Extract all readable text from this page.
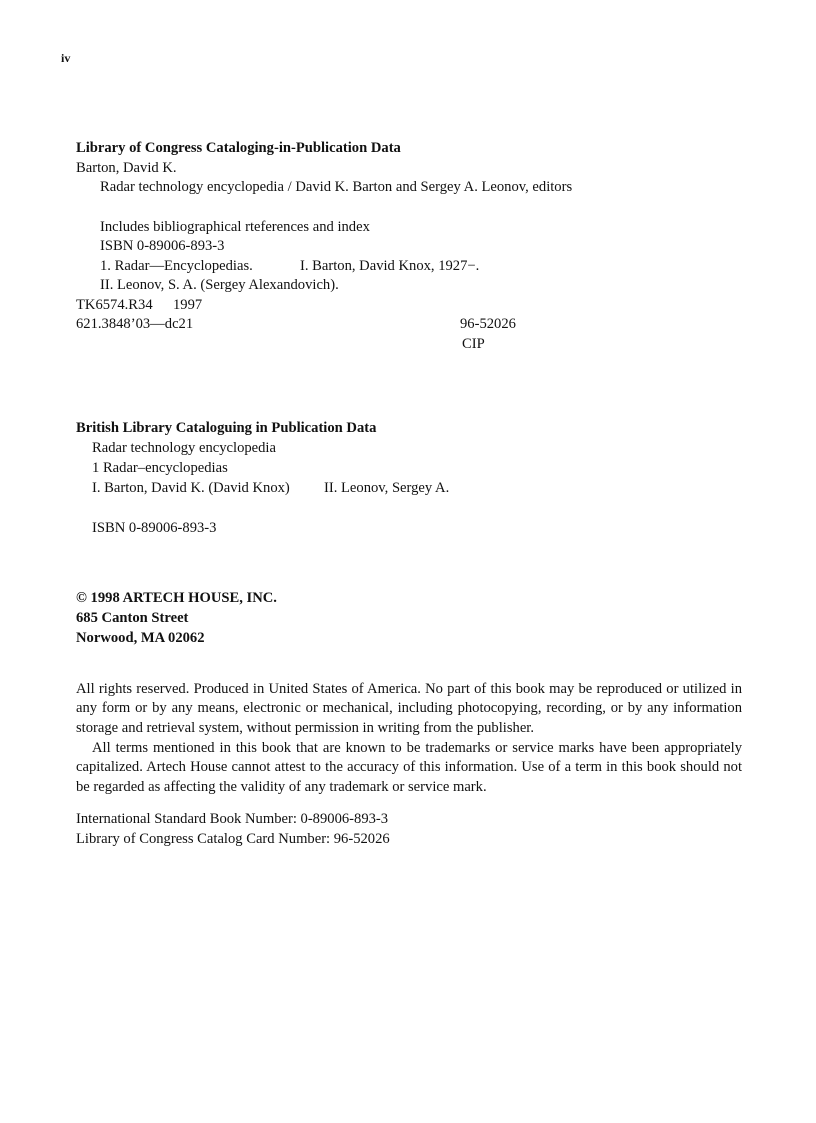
iv
Library of Congress Cataloging-in-Publication Data
Barton, David K.
Radar technology encyclopedia / David K. Barton and Sergey A. Leonov, editors
Includes bibliographical rteferences and index
ISBN 0-89006-893-3
1. Radar—Encyclopedias.	I. Barton, David Knox, 1927−.
II. Leonov, S. A. (Sergey Alexandovich).
TK6574.R34 1997
621.3848’03—dc21	96-52026
CIP
British Library Cataloguing in Publication Data
Radar technology encyclopedia
1 Radar–encyclopedias
I. Barton, David K. (David Knox) II. Leonov, Sergey A.
ISBN 0-89006-893-3
© 1998 ARTECH HOUSE, INC.
685 Canton Street
Norwood, MA 02062

All rights reserved. Produced in United States of America. No part of this book may be reproduced or utilized in any form or by any means, electronic or mechanical, including photocopying, recording, or by any information storage and retrieval system, without permission in writing from the publisher.

All terms mentioned in this book that are known to be trademarks or service marks have been appropriately capitalized. Artech House cannot attest to the accuracy of this information. Use of a term in this book should not be regarded as affecting the validity of any trademark or service mark.

International Standard Book Number: 0-89006-893-3
Library of Congress Catalog Card Number: 96-52026
